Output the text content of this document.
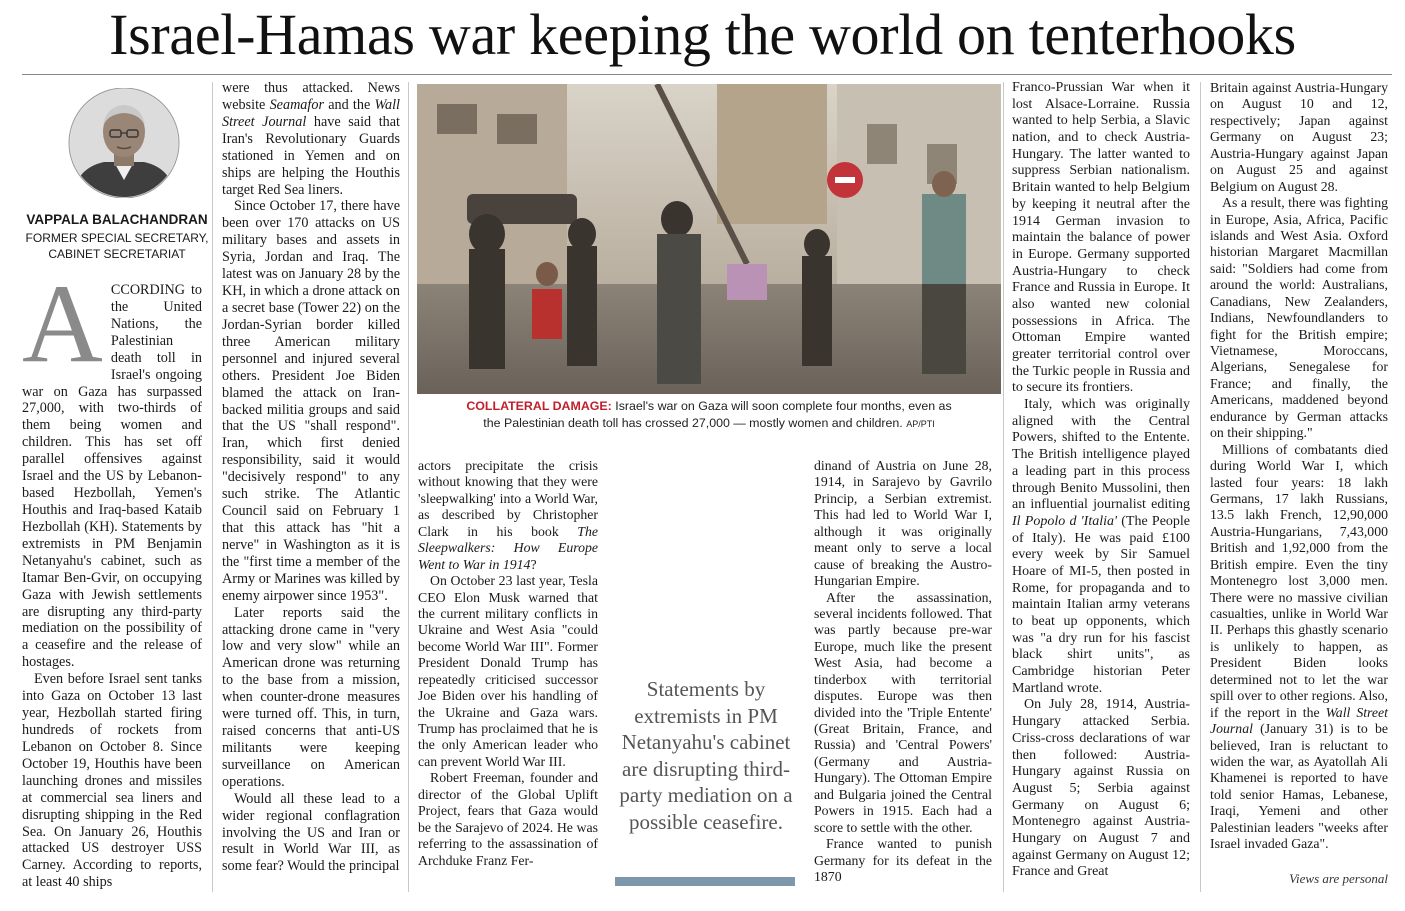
Israel-Hamas war keeping the world on tenterhooks
VAPPALA BALACHANDRAN
FORMER SPECIAL SECRETARY,
CABINET SECRETARIAT

ACCORDING to the United Nations, the Palestinian death toll in Israel's ongoing war on Gaza has surpassed 27,000, with two-thirds of them being women and children. This has set off parallel offensives against Israel and the US by Lebanon-based Hezbollah, Yemen's Houthis and Iraq-based Kataib Hezbollah (KH). Statements by extremists in PM Benjamin Netanyahu's cabinet, such as Itamar Ben-Gvir, on occupying Gaza with Jewish settlements are disrupting any third-party mediation on the possibility of a ceasefire and the release of hostages.

Even before Israel sent tanks into Gaza on October 13 last year, Hezbollah started firing hundreds of rockets from Lebanon on October 8. Since October 19, Houthis have been launching drones and missiles at commercial sea liners and disrupting shipping in the Red Sea. On January 26, Houthis attacked US destroyer USS Carney. According to reports, at least 40 ships

were thus attacked. News website Seamafor and the Wall Street Journal have said that Iran's Revolutionary Guards stationed in Yemen and on ships are helping the Houthis target Red Sea liners.

Since October 17, there have been over 170 attacks on US military bases and assets in Syria, Jordan and Iraq. The latest was on January 28 by the KH, in which a drone attack on a secret base (Tower 22) on the Jordan-Syrian border killed three American military personnel and injured several others. President Joe Biden blamed the attack on Iran-backed militia groups and said that the US "shall respond". Iran, which first denied responsibility, said it would "decisively respond" to any such strike. The Atlantic Council said on February 1 that this attack has "hit a nerve" in Washington as it is the "first time a member of the Army or Marines was killed by enemy airpower since 1953".

Later reports said the attacking drone came in "very low and very slow" while an American drone was returning to the base from a mission, when counter-drone measures were turned off. This, in turn, raised concerns that anti-US militants were keeping surveillance on American operations.

Would all these lead to a wider regional conflagration involving the US and Iran or result in World War III, as some fear? Would the principal

COLLATERAL DAMAGE: Israel's war on Gaza will soon complete four months, even as
the Palestinian death toll has crossed 27,000 — mostly women and children. AP/PTI

actors precipitate the crisis without knowing that they were 'sleepwalking' into a World War, as described by Christopher Clark in his book The Sleepwalkers: How Europe Went to War in 1914?

On October 23 last year, Tesla CEO Elon Musk warned that the current military conflicts in Ukraine and West Asia "could become World War III". Former President Donald Trump has repeatedly criticised successor Joe Biden over his handling of the Ukraine and Gaza wars. Trump has proclaimed that he is the only American leader who can prevent World War III.

Robert Freeman, founder and director of the Global Uplift Project, fears that Gaza would be the Sarajevo of 2024. He was referring to the assassination of Archduke Franz Fer-

Statements by extremists in PM Netanyahu's cabinet are disrupting third-party mediation on a possible ceasefire.

dinand of Austria on June 28, 1914, in Sarajevo by Gavrilo Princip, a Serbian extremist. This had led to World War I, although it was originally meant only to serve a local cause of breaking the Austro-Hungarian Empire.

After the assassination, several incidents followed. That was partly because pre-war Europe, much like the present West Asia, had become a tinderbox with territorial disputes. Europe was then divided into the 'Triple Entente' (Great Britain, France, and Russia) and 'Central Powers' (Germany and Austria-Hungary). The Ottoman Empire and Bulgaria joined the Central Powers in 1915. Each had a score to settle with the other.

France wanted to punish Germany for its defeat in the 1870

Franco-Prussian War when it lost Alsace-Lorraine. Russia wanted to help Serbia, a Slavic nation, and to check Austria-Hungary. The latter wanted to suppress Serbian nationalism. Britain wanted to help Belgium by keeping it neutral after the 1914 German invasion to maintain the balance of power in Europe. Germany supported Austria-Hungary to check France and Russia in Europe. It also wanted new colonial possessions in Africa. The Ottoman Empire wanted greater territorial control over the Turkic people in Russia and to secure its frontiers.

Italy, which was originally aligned with the Central Powers, shifted to the Entente. The British intelligence played a leading part in this process through Benito Mussolini, then an influential journalist editing Il Popolo d 'Italia' (The People of Italy). He was paid £100 every week by Sir Samuel Hoare of MI-5, then posted in Rome, for propaganda and to maintain Italian army veterans to beat up opponents, which was "a dry run for his fascist black shirt units", as Cambridge historian Peter Martland wrote.

On July 28, 1914, Austria-Hungary attacked Serbia. Criss-cross declarations of war then followed: Austria-Hungary against Russia on August 5; Serbia against Germany on August 6; Montenegro against Austria-Hungary on August 7 and against Germany on August 12; France and Great

Britain against Austria-Hungary on August 10 and 12, respectively; Japan against Germany on August 23; Austria-Hungary against Japan on August 25 and against Belgium on August 28.

As a result, there was fighting in Europe, Asia, Africa, Pacific islands and West Asia. Oxford historian Margaret Macmillan said: "Soldiers had come from around the world: Australians, Canadians, New Zealanders, Indians, Newfoundlanders to fight for the British empire; Vietnamese, Moroccans, Algerians, Senegalese for France; and finally, the Americans, maddened beyond endurance by German attacks on their shipping."

Millions of combatants died during World War I, which lasted four years: 18 lakh Germans, 17 lakh Russians, 13.5 lakh French, 12,90,000 Austria-Hungarians, 7,43,000 British and 1,92,000 from the British empire. Even the tiny Montenegro lost 3,000 men. There were no massive civilian casualties, unlike in World War II. Perhaps this ghastly scenario is unlikely to happen, as President Biden looks determined not to let the war spill over to other regions. Also, if the report in the Wall Street Journal (January 31) is to be believed, Iran is reluctant to widen the war, as Ayatollah Ali Khamenei is reported to have told senior Hamas, Lebanese, Iraqi, Yemeni and other Palestinian leaders "weeks after Israel invaded Gaza".

Views are personal
